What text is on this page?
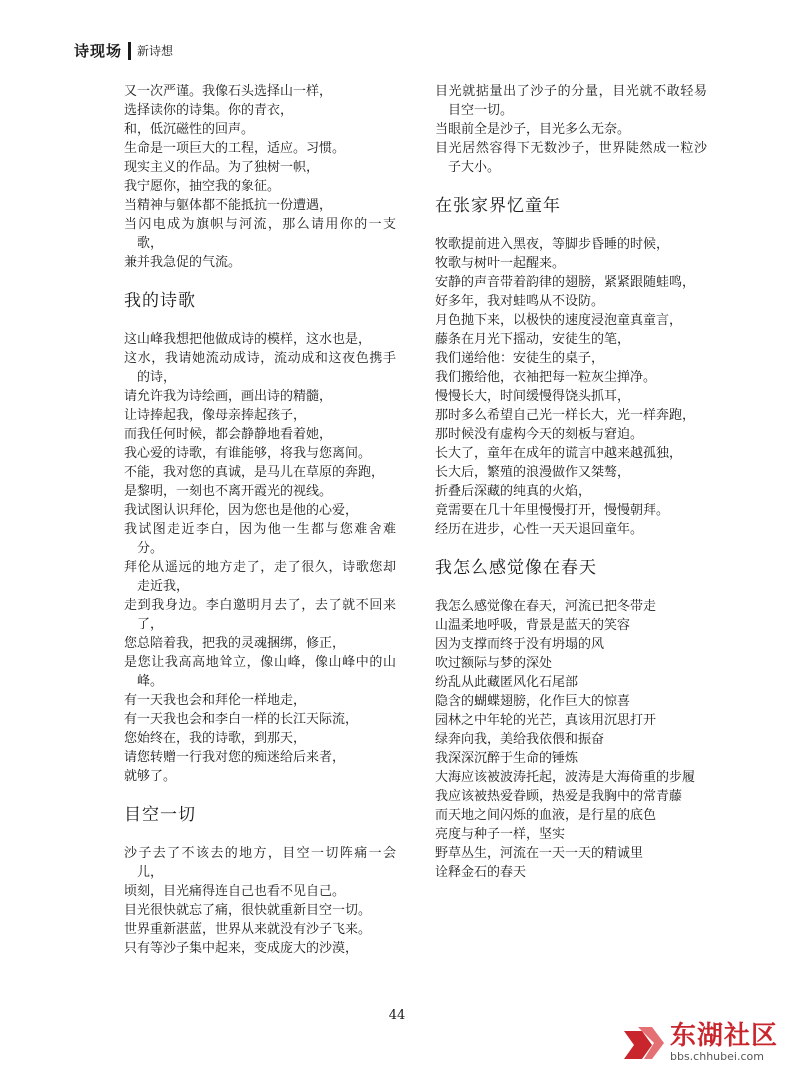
诗现场 新诗想
又一次严谨。我像石头选择山一样，
选择读你的诗集。你的青衣，
和，低沉磁性的回声。
生命是一项巨大的工程，适应。习惯。
现实主义的作品。为了独树一帜，
我宁愿你，抽空我的象征。
当精神与躯体都不能抵抗一份遭遇，
当闪电成为旗帜与河流，那么请用你的一支歌，
兼并我急促的气流。
我的诗歌
这山峰我想把他做成诗的模样，这水也是，
这水，我请她流动成诗，流动成和这夜色携手的诗，
请允许我为诗绘画，画出诗的精髓，
让诗捧起我，像母亲捧起孩子，
而我任何时候，都会静静地看着她，
我心爱的诗歌，有谁能够，将我与您离间。
不能，我对您的真诚，是马儿在草原的奔跑，
是黎明，一刻也不离开霞光的视线。
我试图认识拜伦，因为您也是他的心爱，
我试图走近李白，因为他一生都与您难舍难分。
拜伦从遥远的地方走了，走了很久，诗歌您却走近我，
走到我身边。李白邀明月去了，去了就不回来了，
您总陪着我，把我的灵魂捆绑，修正，
是您让我高高地耸立，像山峰，像山峰中的山峰。
有一天我也会和拜伦一样地走，
有一天我也会和李白一样的长江天际流，
您始终在，我的诗歌，到那天，
请您转赠一行我对您的痴迷给后来者，
就够了。
目空一切
沙子去了不该去的地方，目空一切阵痛一会儿，
顷刻，目光痛得连自己也看不见自己。
目光很快就忘了痛，很快就重新目空一切。
世界重新湛蓝，世界从来就没有沙子飞来。
只有等沙子集中起来，变成庞大的沙漠，
目光就掂量出了沙子的分量，目光就不敢轻易目空一切。
当眼前全是沙子，目光多么无奈。
目光居然容得下无数沙子，世界陡然成一粒沙子大小。
在张家界忆童年
牧歌提前进入黑夜，等脚步昏睡的时候，
牧歌与树叶一起醒来。
安静的声音带着韵律的翅膀，紧紧跟随蛙鸣，
好多年，我对蛙鸣从不设防。
月色抛下来，以极快的速度浸泡童真童言，
藤条在月光下摇动，安徒生的笔，
我们递给他：安徒生的桌子，
我们搬给他，衣袖把每一粒灰尘掸净。
慢慢长大，时间缓慢得饶头抓耳，
那时多么希望自己光一样长大，光一样奔跑，
那时候没有虚构今天的刻板与窘迫。
长大了，童年在成年的谎言中越来越孤独，
长大后，繁殖的浪漫做作又桀骜，
折叠后深藏的纯真的火焰，
竟需要在几十年里慢慢打开，慢慢朝拜。
经历在进步，心性一天天退回童年。
我怎么感觉像在春天
我怎么感觉像在春天，河流已把冬带走
山温柔地呼吸，背景是蓝天的笑容
因为支撑而终于没有坍塌的风
吹过额际与梦的深处
纷乱从此藏匿风化石尾部
隐含的蝴蝶翅膀，化作巨大的惊喜
园林之中年轮的光芒，真该用沉思打开
绿奔向我，美给我依偎和振奋
我深深沉醉于生命的锤炼
大海应该被波涛托起，波涛是大海倚重的步履
我应该被热爱眷顾，热爱是我胸中的常青藤
而天地之间闪烁的血液，是行星的底色
亮度与种子一样，坚实
野草丛生，河流在一天一天的精诚里
诠释金石的春天
44
东湖社区
bbs.chhubei.com
